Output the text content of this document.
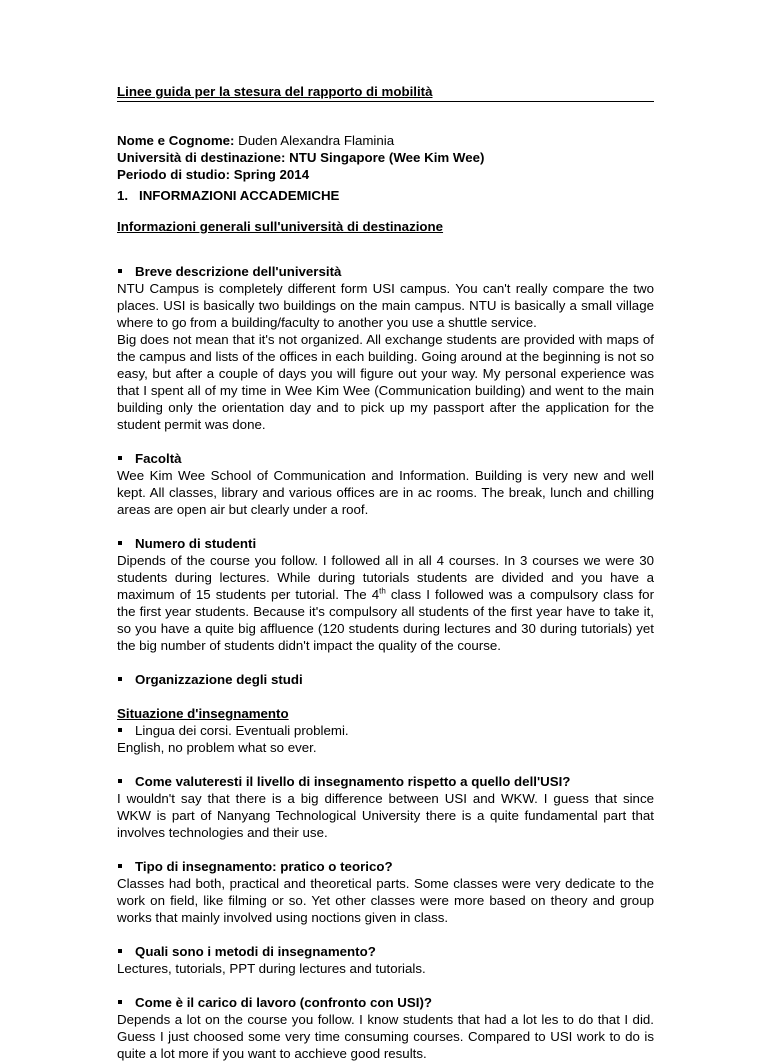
Linee guida per la stesura del rapporto di mobilità
Nome e Cognome: Duden Alexandra Flaminia
Università di destinazione: NTU Singapore (Wee Kim Wee)
Periodo di studio: Spring 2014
1. INFORMAZIONI ACCADEMICHE
Informazioni generali sull'università di destinazione
Breve descrizione dell'università

NTU Campus is completely different form USI campus. You can't really compare the two places. USI is basically two buildings on the main campus. NTU is basically a small village where to go from a building/faculty to another you use a shuttle service.

Big does not mean that it's not organized. All exchange students are provided with maps of the campus and lists of the offices in each building. Going around at the beginning is not so easy, but after a couple of days you will figure out your way. My personal experience was that I spent all of my time in Wee Kim Wee (Communication building) and went to the main building only the orientation day and to pick up my passport after the application for the student permit was done.

Facoltà

Wee Kim Wee School of Communication and Information. Building is very new and well kept. All classes, library and various offices are in ac rooms. The break, lunch and chilling areas are open air but clearly under a roof.

Numero di studenti

Dipends of the course you follow. I followed all in all 4 courses. In 3 courses we were 30 students during lectures. While during tutorials students are divided and you have a maximum of 15 students per tutorial. The 4th class I followed was a compulsory class for the first year students. Because it's compulsory all students of the first year have to take it, so you have a quite big affluence (120 students during lectures and 30 during tutorials) yet the big number of students didn't impact the quality of the course.

Organizzazione degli studi
Situazione d'insegnamento
Lingua dei corsi. Eventuali problemi.

English, no problem what so ever.

Come valuteresti il livello di insegnamento rispetto a quello dell'USI?

I wouldn't say that there is a big difference between USI and WKW. I guess that since WKW is part of Nanyang Technological University there is a quite fundamental part that involves technologies and their use.

Tipo di insegnamento: pratico o teorico?

Classes had both, practical and theoretical parts. Some classes were very dedicate to the work on field, like filming or so. Yet other classes were more based on theory and group works that mainly involved using noctions given in class.

Quali sono i metodi di insegnamento?

Lectures, tutorials, PPT during lectures and tutorials.

Come è il carico di lavoro (confronto con USI)?

Depends a lot on the course you follow. I know students that had a lot les to do that I did. Guess I just choosed some very time consuming courses. Compared to USI work to do is quite a lot more if you want to acchieve good results.
